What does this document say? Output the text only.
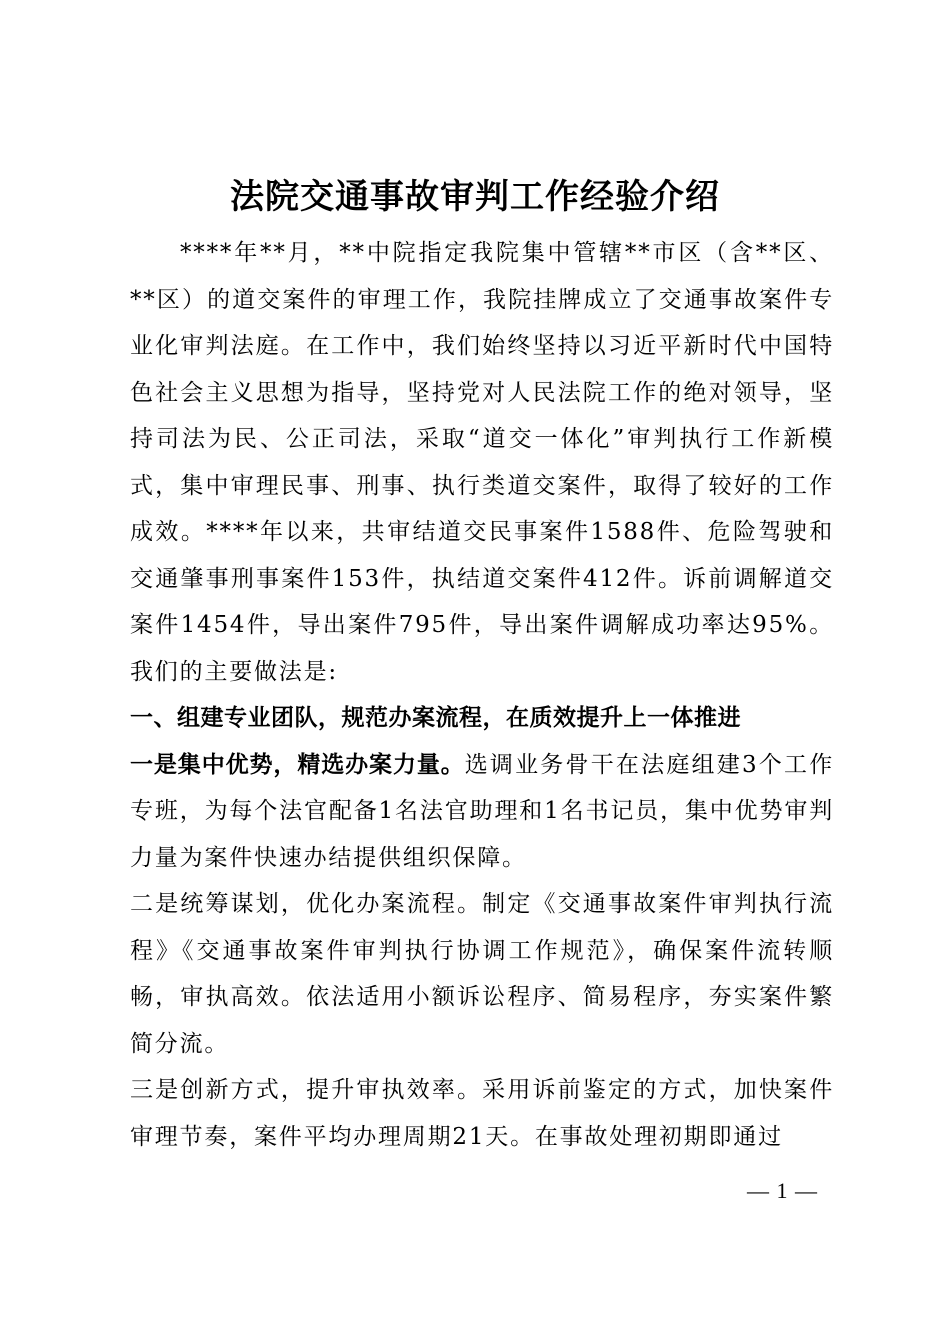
法院交通事故审判工作经验介绍

****年**月，**中院指定我院集中管辖**市区（含**区、**区）的道交案件的审理工作，我院挂牌成立了交通事故案件专业化审判法庭。在工作中，我们始终坚持以习近平新时代中国特色社会主义思想为指导，坚持党对人民法院工作的绝对领导，坚持司法为民、公正司法，采取“道交一体化”审判执行工作新模式，集中审理民事、刑事、执行类道交案件，取得了较好的工作成效。****年以来，共审结道交民事案件1588件、危险驾驶和交通肇事刑事案件153件，执结道交案件412件。诉前调解道交案件1454件，导出案件795件，导出案件调解成功率达95%。我们的主要做法是:

一、组建专业团队，规范办案流程，在质效提升上一体推进

一是集中优势，精选办案力量。选调业务骨干在法庭组建3个工作专班，为每个法官配备1名法官助理和1名书记员，集中优势审判力量为案件快速办结提供组织保障。

二是统筹谋划，优化办案流程。制定《交通事故案件审判执行流程》《交通事故案件审判执行协调工作规范》，确保案件流转顺畅，审执高效。依法适用小额诉讼程序、简易程序，夯实案件繁简分流。

三是创新方式，提升审执效率。采用诉前鉴定的方式，加快案件审理节奏，案件平均办理周期21天。在事故处理初期即通过

— 1 —
